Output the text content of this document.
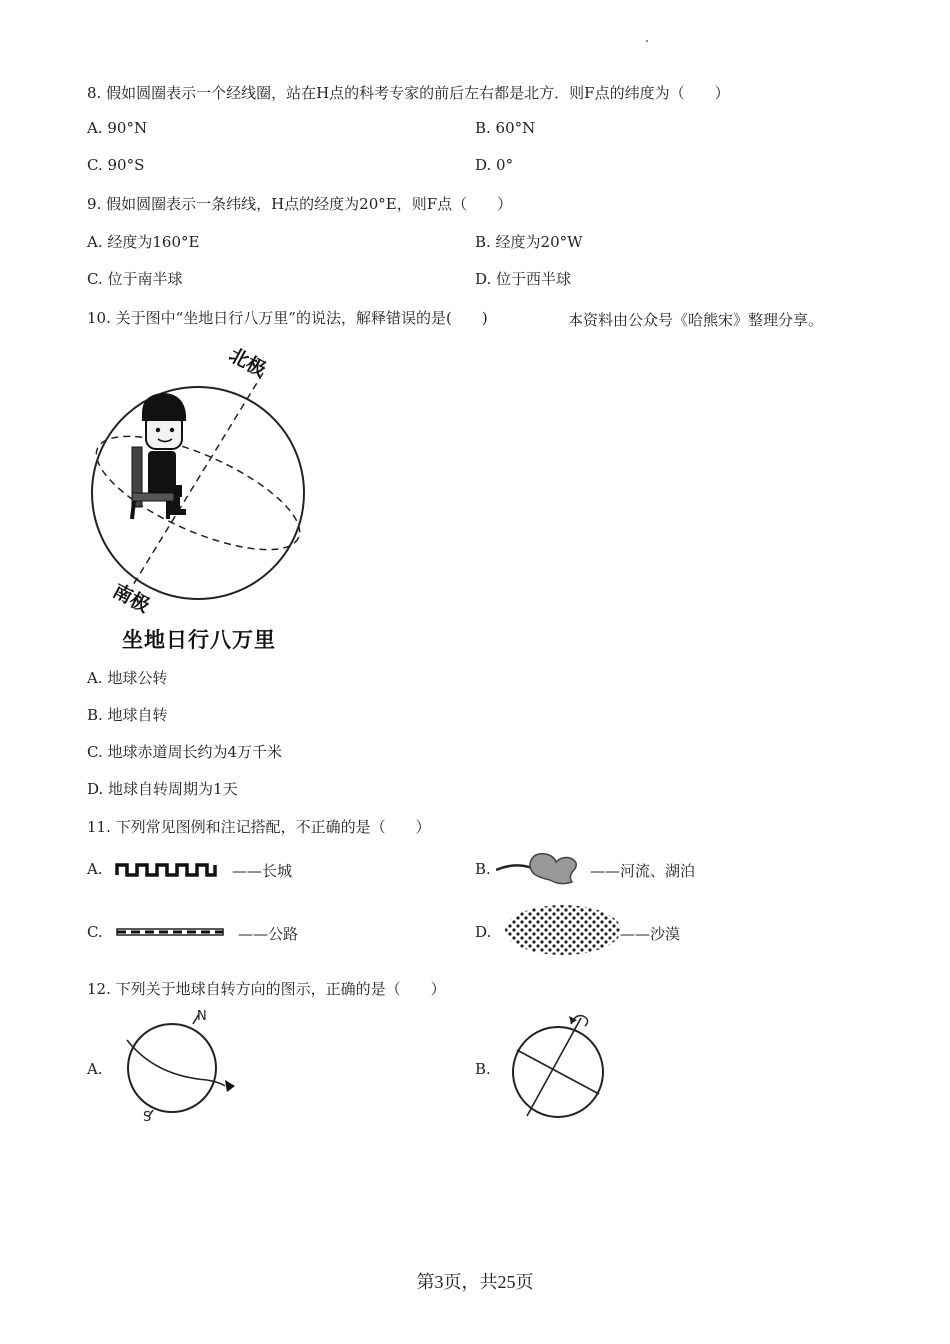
8. 假如圆圈表示一个经线圈，站在H点的科考专家的前后左右都是北方．则F点的纬度为（　　）
A. 90°N	B. 60°N
C. 90°S	D. 0°
9. 假如圆圈表示一条纬线，H点的经度为20°E，则F点（　　）
A. 经度为160°E	B. 经度为20°W
C. 位于南半球	D. 位于西半球
10. 关于图中“坐地日行八万里”的说法，解释错误的是(　　)	本资料由公众号《哈熊宋》整理分享。
北极
南极
坐地日行八万里
A. 地球公转
B. 地球自转
C. 地球赤道周长约为4万千米
D. 地球自转周期为1天
11. 下列常见图例和注记搭配，不正确的是（　　）
A.	——长城	B.	——河流、湖泊
C.	——公路	D.	——沙漠
12. 下列关于地球自转方向的图示，正确的是（　　）
A.
N
S
B.
第3页，共25页
